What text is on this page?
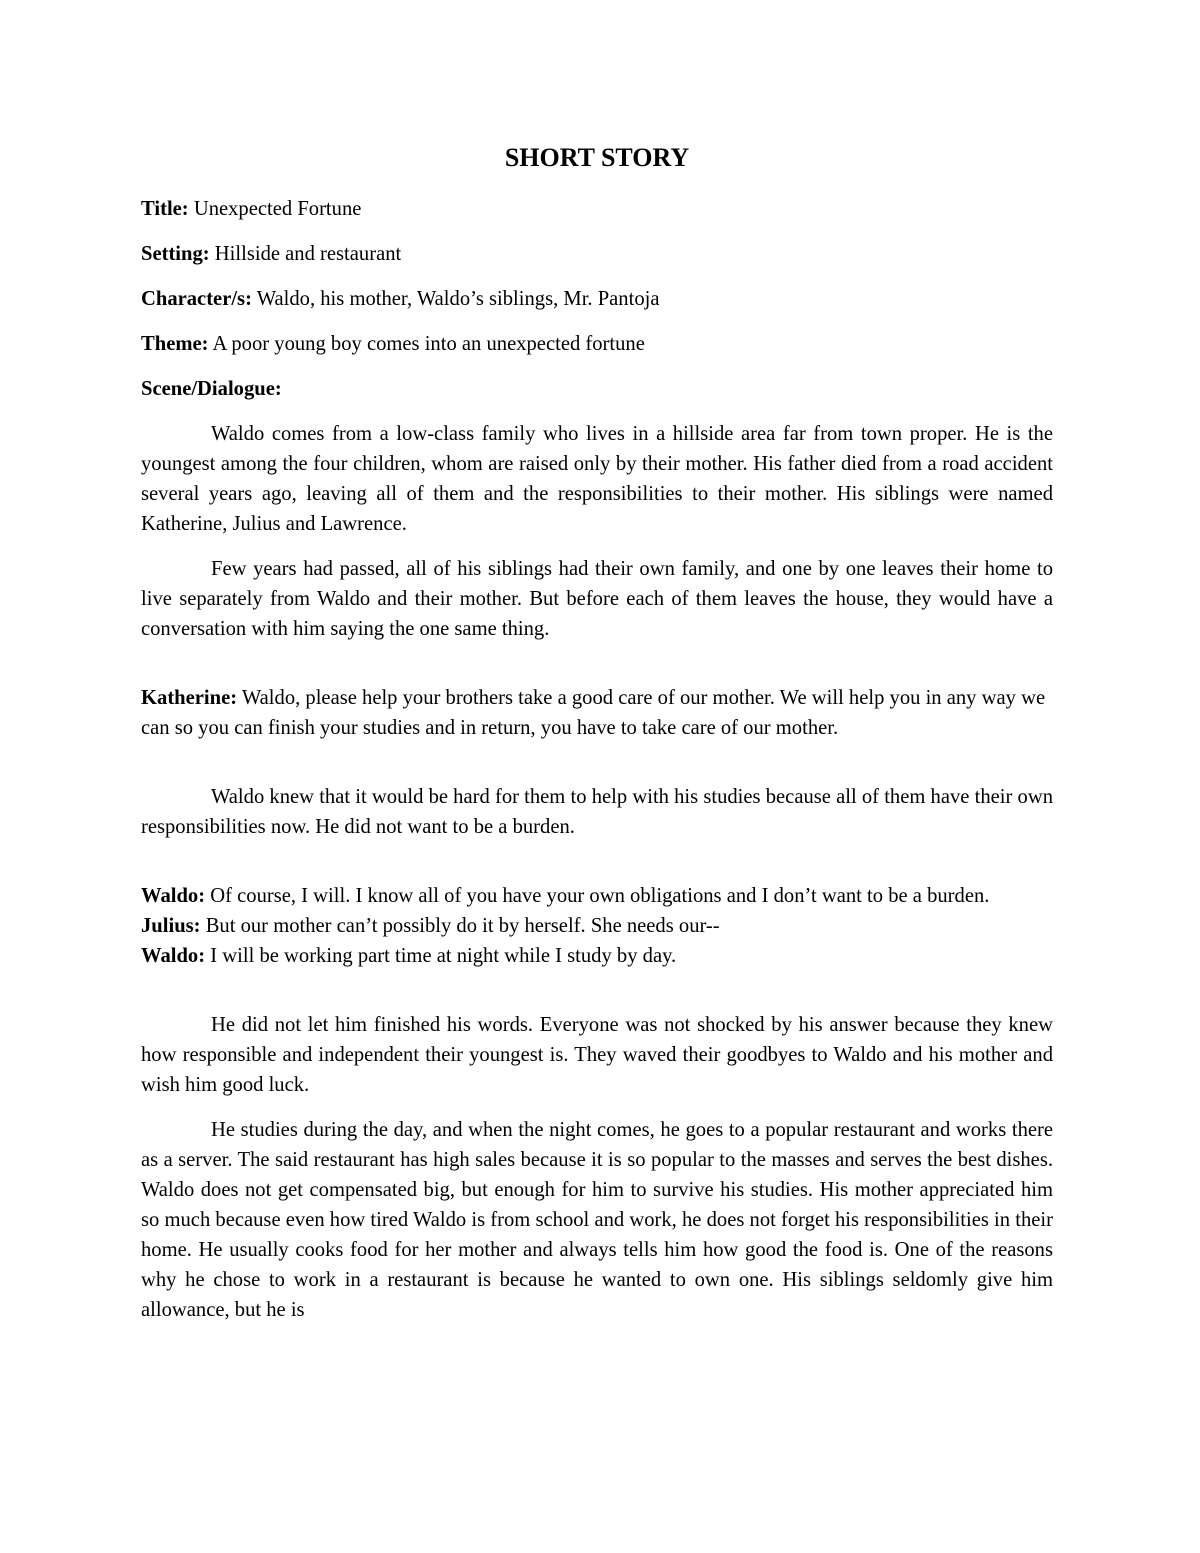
SHORT STORY
Title: Unexpected Fortune
Setting: Hillside and restaurant
Character/s: Waldo, his mother, Waldo’s siblings, Mr. Pantoja
Theme: A poor young boy comes into an unexpected fortune
Scene/Dialogue:

Waldo comes from a low-class family who lives in a hillside area far from town proper. He is the youngest among the four children, whom are raised only by their mother. His father died from a road accident several years ago, leaving all of them and the responsibilities to their mother. His siblings were named Katherine, Julius and Lawrence.

Few years had passed, all of his siblings had their own family, and one by one leaves their home to live separately from Waldo and their mother. But before each of them leaves the house, they would have a conversation with him saying the one same thing.

Katherine: Waldo, please help your brothers take a good care of our mother. We will help you in any way we can so you can finish your studies and in return, you have to take care of our mother.

Waldo knew that it would be hard for them to help with his studies because all of them have their own responsibilities now. He did not want to be a burden.

Waldo: Of course, I will. I know all of you have your own obligations and I don’t want to be a burden.

Julius: But our mother can’t possibly do it by herself. She needs our--

Waldo: I will be working part time at night while I study by day.

He did not let him finished his words. Everyone was not shocked by his answer because they knew how responsible and independent their youngest is. They waved their goodbyes to Waldo and his mother and wish him good luck.

He studies during the day, and when the night comes, he goes to a popular restaurant and works there as a server. The said restaurant has high sales because it is so popular to the masses and serves the best dishes. Waldo does not get compensated big, but enough for him to survive his studies. His mother appreciated him so much because even how tired Waldo is from school and work, he does not forget his responsibilities in their home. He usually cooks food for her mother and always tells him how good the food is. One of the reasons why he chose to work in a restaurant is because he wanted to own one. His siblings seldomly give him allowance, but he is
